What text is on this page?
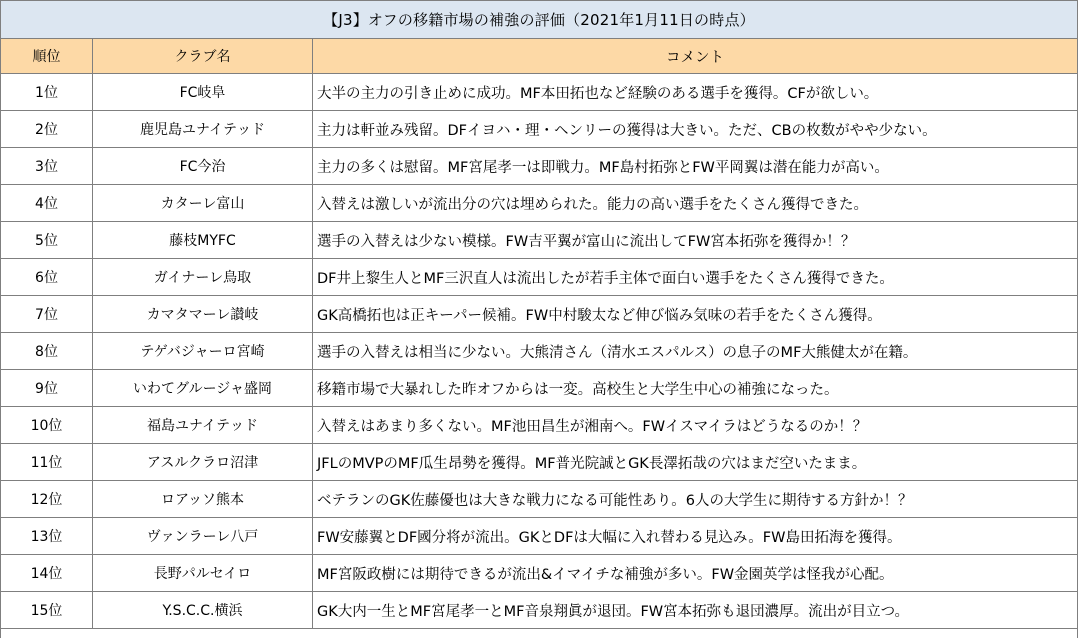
【J3】オフの移籍市場の補強の評価（2021年1月11日の時点）
順位	クラブ名	コメント
1位	FC岐阜	大半の主力の引き止めに成功。MF本田拓也など経験のある選手を獲得。CFが欲しい。
2位	鹿児島ユナイテッド	主力は軒並み残留。DFイヨハ・理・ヘンリーの獲得は大きい。ただ、CBの枚数がやや少ない。
3位	FC今治	主力の多くは慰留。MF宮尾孝一は即戦力。MF島村拓弥とFW平岡翼は潜在能力が高い。
4位	カターレ富山	入替えは激しいが流出分の穴は埋められた。能力の高い選手をたくさん獲得できた。
5位	藤枝MYFC	選手の入替えは少ない模様。FW吉平翼が富山に流出してFW宮本拓弥を獲得か！？
6位	ガイナーレ鳥取	DF井上黎生人とMF三沢直人は流出したが若手主体で面白い選手をたくさん獲得できた。
7位	カマタマーレ讃岐	GK高橋拓也は正キーパー候補。FW中村駿太など伸び悩み気味の若手をたくさん獲得。
8位	テゲバジャーロ宮崎	選手の入替えは相当に少ない。大熊清さん（清水エスパルス）の息子のMF大熊健太が在籍。
9位	いわてグルージャ盛岡	移籍市場で大暴れした昨オフからは一変。高校生と大学生中心の補強になった。
10位	福島ユナイテッド	入替えはあまり多くない。MF池田昌生が湘南へ。FWイスマイラはどうなるのか！？
11位	アスルクラロ沼津	JFLのMVPのMF瓜生昂勢を獲得。MF普光院誠とGK長澤拓哉の穴はまだ空いたまま。
12位	ロアッソ熊本	ベテランのGK佐藤優也は大きな戦力になる可能性あり。6人の大学生に期待する方針か！？
13位	ヴァンラーレ八戸	FW安藤翼とDF國分将が流出。GKとDFは大幅に入れ替わる見込み。FW島田拓海を獲得。
14位	長野パルセイロ	MF宮阪政樹には期待できるが流出&イマイチな補強が多い。FW金園英学は怪我が心配。
15位	Y.S.C.C.横浜	GK大内一生とMF宮尾孝一とMF音泉翔眞が退団。FW宮本拓弥も退団濃厚。流出が目立つ。
